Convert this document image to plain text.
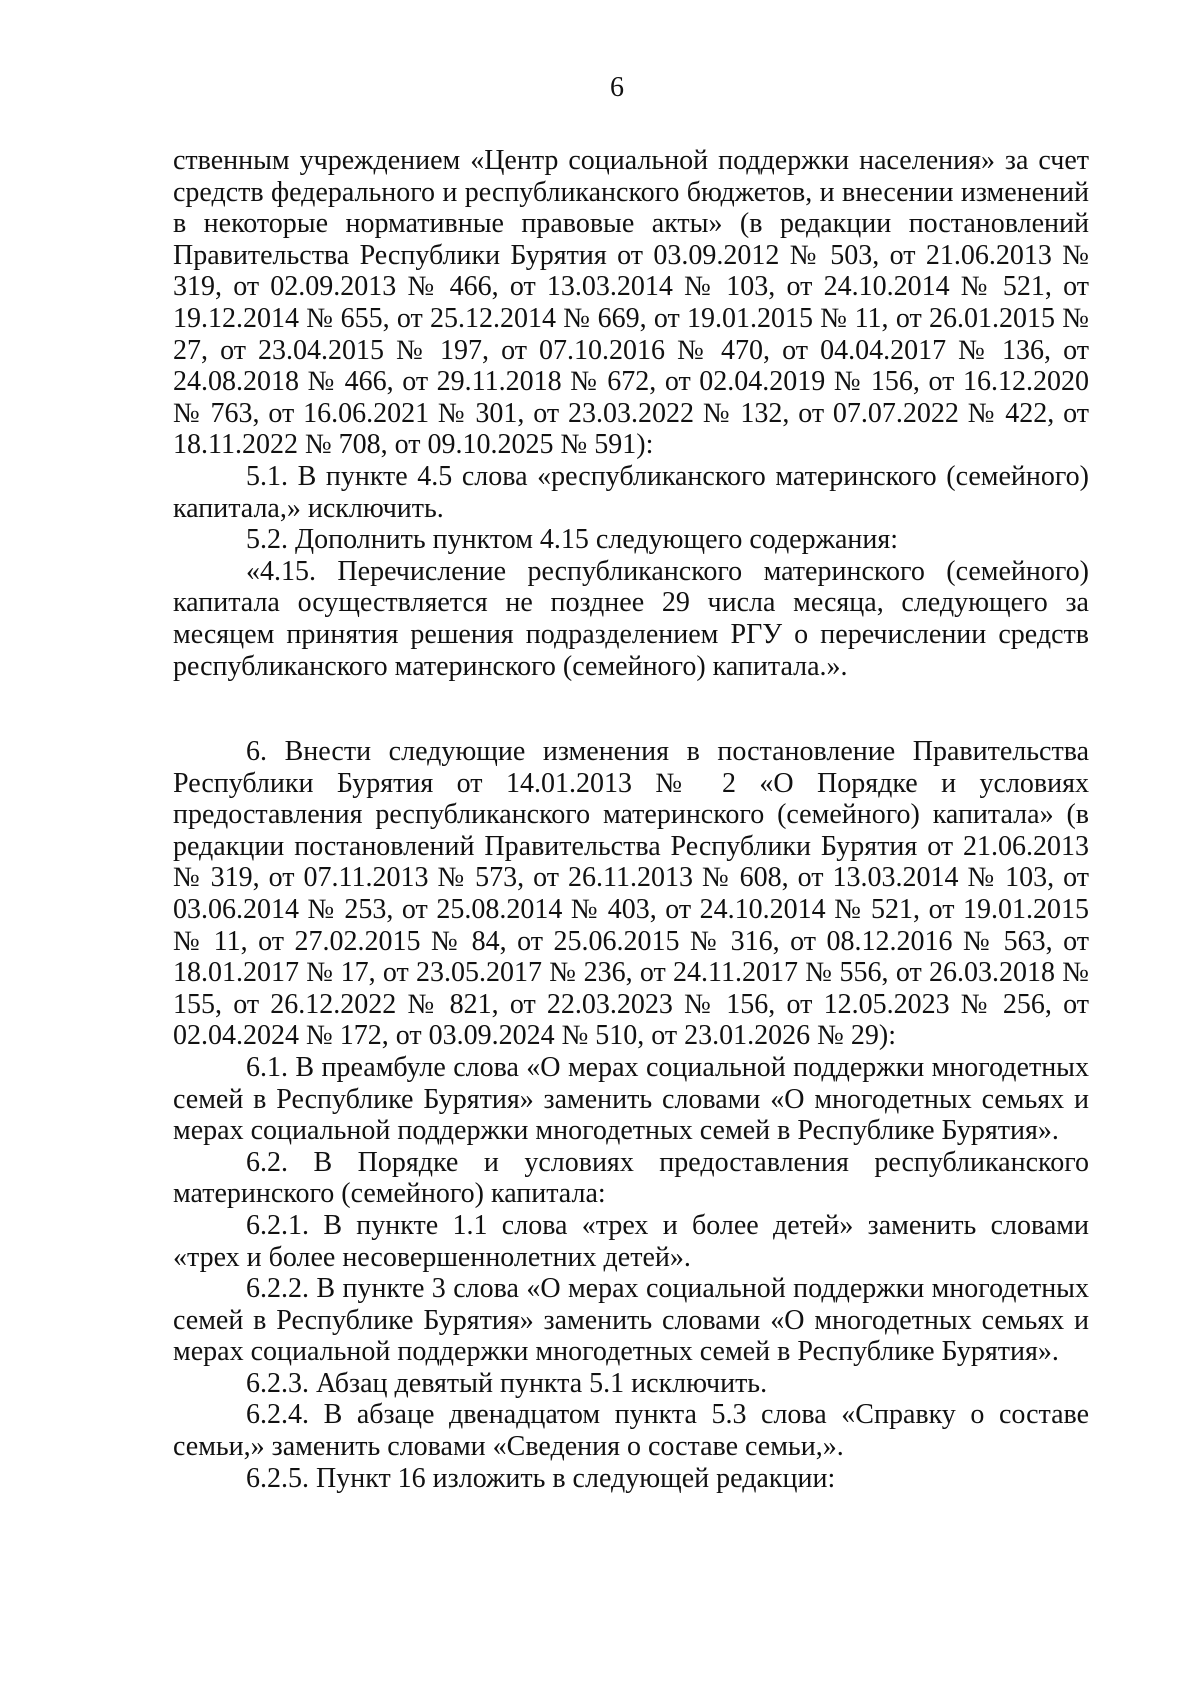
6

ственным учреждением «Центр социальной поддержки населения» за счет средств федерального и республиканского бюджетов, и внесении изменений в некоторые нормативные правовые акты» (в редакции постановлений Правительства Республики Бурятия от 03.09.2012 № 503, от 21.06.2013 № 319, от 02.09.2013 № 466, от 13.03.2014 № 103, от 24.10.2014 № 521, от 19.12.2014 № 655, от 25.12.2014 № 669, от 19.01.2015 № 11, от 26.01.2015 № 27, от 23.04.2015 № 197, от 07.10.2016 № 470, от 04.04.2017 № 136, от 24.08.2018 № 466, от 29.11.2018 № 672, от 02.04.2019 № 156, от 16.12.2020 № 763, от 16.06.2021 № 301, от 23.03.2022 № 132, от 07.07.2022 № 422, от 18.11.2022 № 708, от 09.10.2025 № 591):

5.1. В пункте 4.5 слова «республиканского материнского (семейного) капитала,» исключить.

5.2. Дополнить пунктом 4.15 следующего содержания:

«4.15. Перечисление республиканского материнского (семейного) капитала осуществляется не позднее 29 числа месяца, следующего за месяцем принятия решения подразделением РГУ о перечислении средств республиканского материнского (семейного) капитала.».

6. Внести следующие изменения в постановление Правительства Республики Бурятия от 14.01.2013 № 2 «О Порядке и условиях предоставления республиканского материнского (семейного) капитала» (в редакции постановлений Правительства Республики Бурятия от 21.06.2013 № 319, от 07.11.2013 № 573, от 26.11.2013 № 608, от 13.03.2014 № 103, от 03.06.2014 № 253, от 25.08.2014 № 403, от 24.10.2014 № 521, от 19.01.2015 № 11, от 27.02.2015 № 84, от 25.06.2015 № 316, от 08.12.2016 № 563, от 18.01.2017 № 17, от 23.05.2017 № 236, от 24.11.2017 № 556, от 26.03.2018 № 155, от 26.12.2022 № 821, от 22.03.2023 № 156, от 12.05.2023 № 256, от 02.04.2024 № 172, от 03.09.2024 № 510, от 23.01.2026 № 29):

6.1. В преамбуле слова «О мерах социальной поддержки многодетных семей в Республике Бурятия» заменить словами «О многодетных семьях и мерах социальной поддержки многодетных семей в Республике Бурятия».

6.2. В Порядке и условиях предоставления республиканского материнского (семейного) капитала:

6.2.1. В пункте 1.1 слова «трех и более детей» заменить словами «трех и более несовершеннолетних детей».

6.2.2. В пункте 3 слова «О мерах социальной поддержки многодетных семей в Республике Бурятия» заменить словами «О многодетных семьях и мерах социальной поддержки многодетных семей в Республике Бурятия».

6.2.3. Абзац девятый пункта 5.1 исключить.

6.2.4. В абзаце двенадцатом пункта 5.3 слова «Справку о составе семьи,» заменить словами «Сведения о составе семьи,».

6.2.5. Пункт 16 изложить в следующей редакции:
